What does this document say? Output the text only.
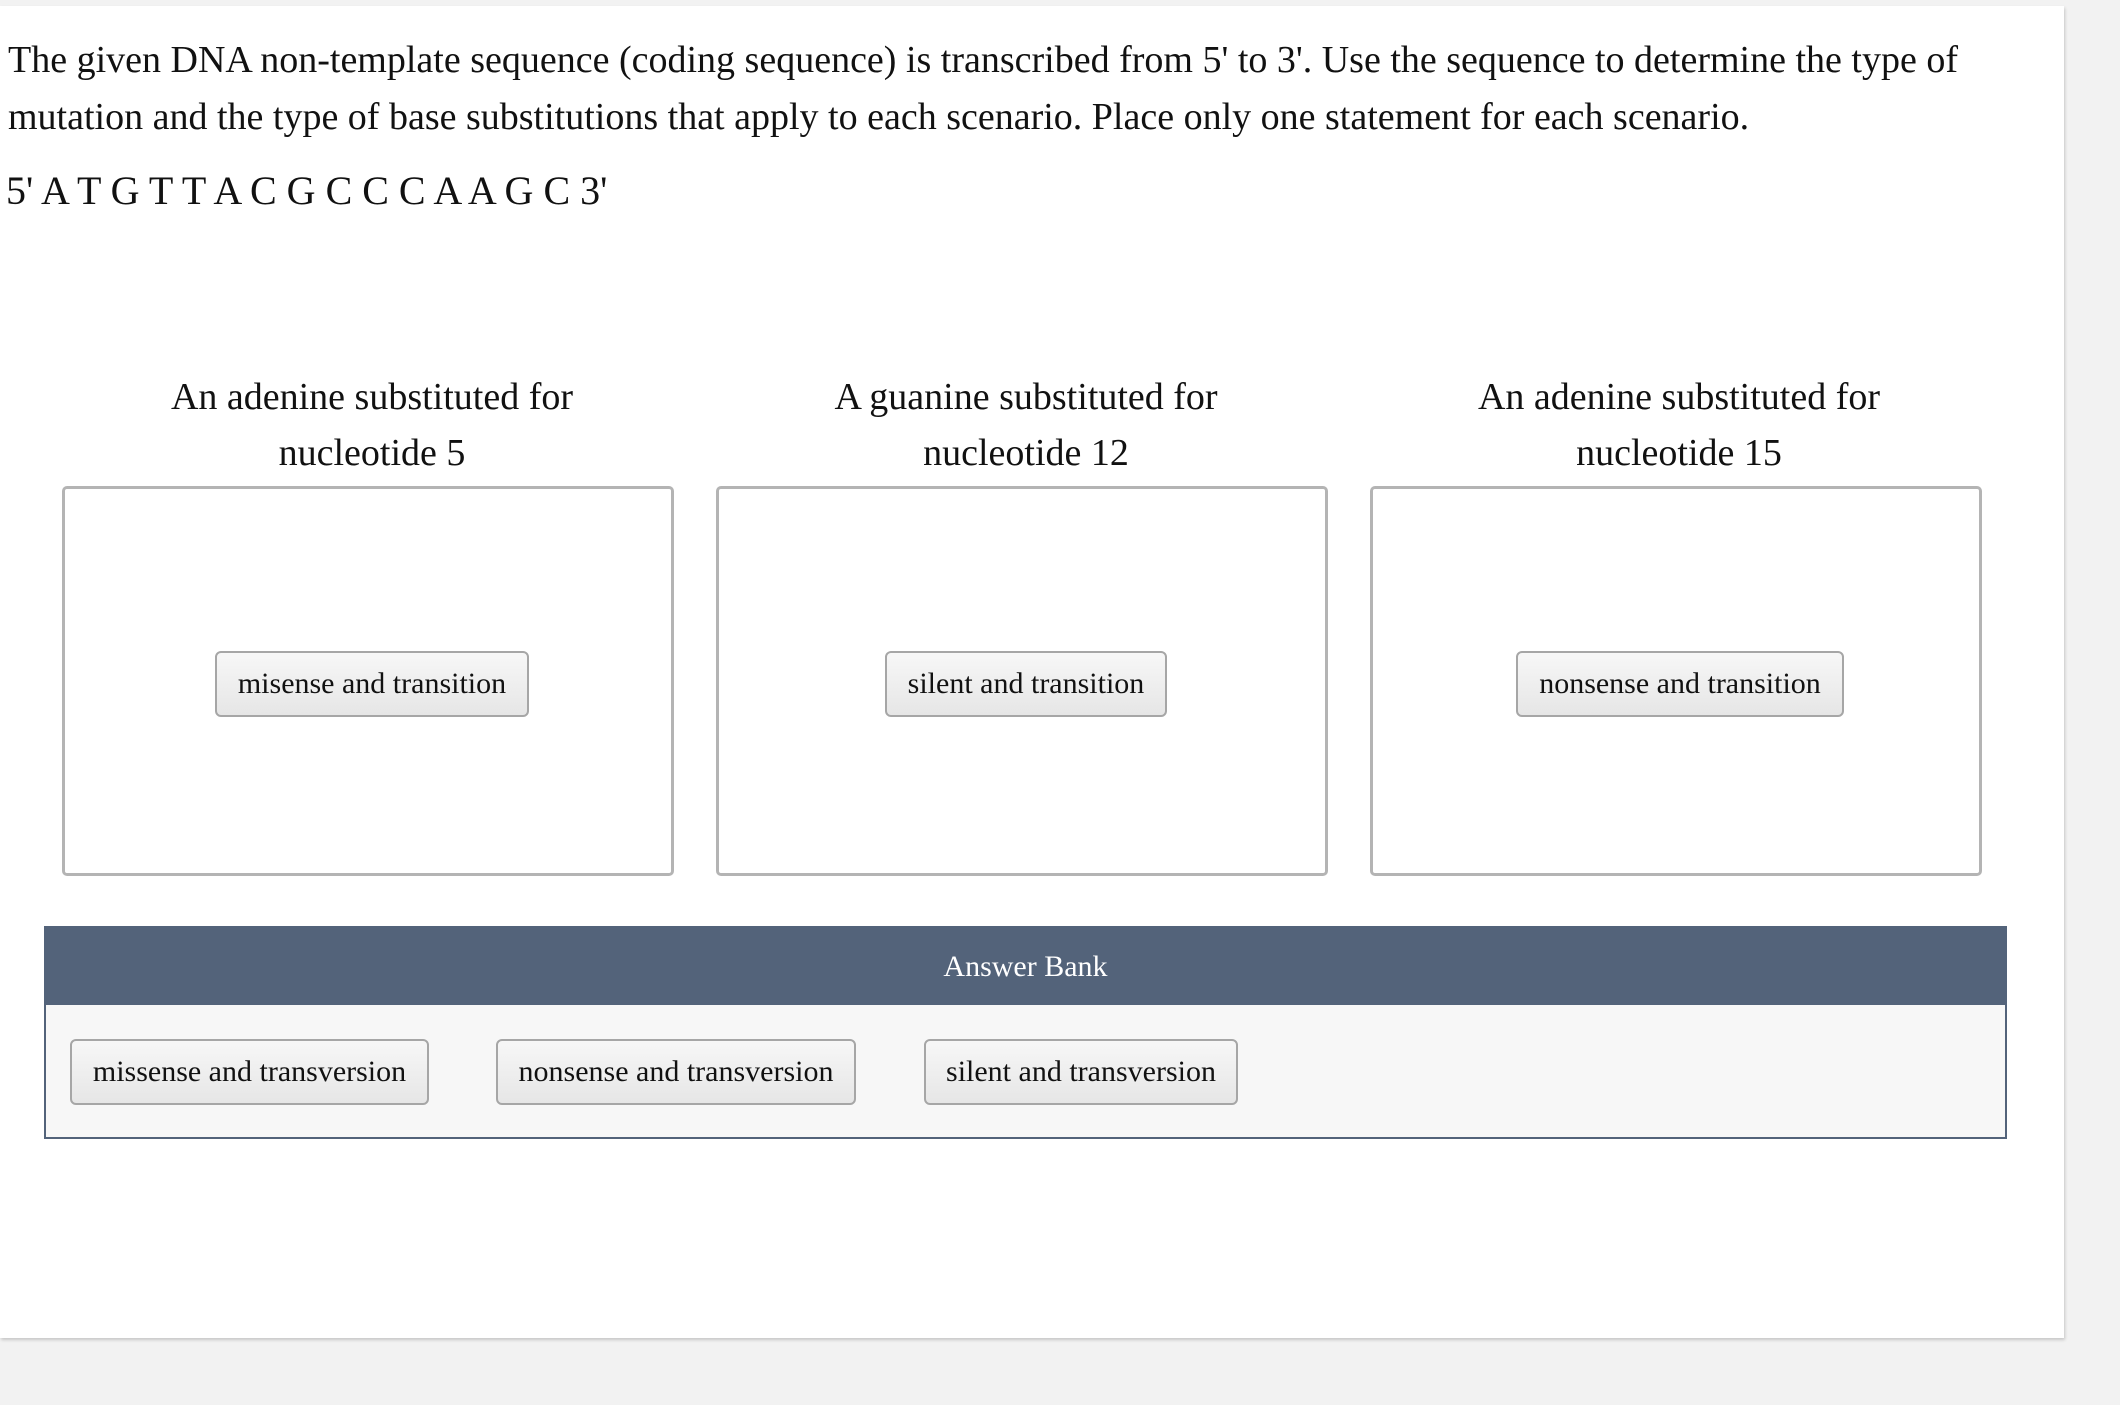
The given DNA non-template sequence (coding sequence) is transcribed from 5' to 3'. Use the sequence to determine the type of mutation and the type of base substitutions that apply to each scenario. Place only one statement for each scenario.

5' A T G T T A C G C C C A A G C 3'

An adenine substituted for
nucleotide 5
A guanine substituted for
nucleotide 12
An adenine substituted for
nucleotide 15
misense and transition	silent and transition	nonsense and transition
Answer Bank
missense and transversion	nonsense and transversion	silent and transversion
